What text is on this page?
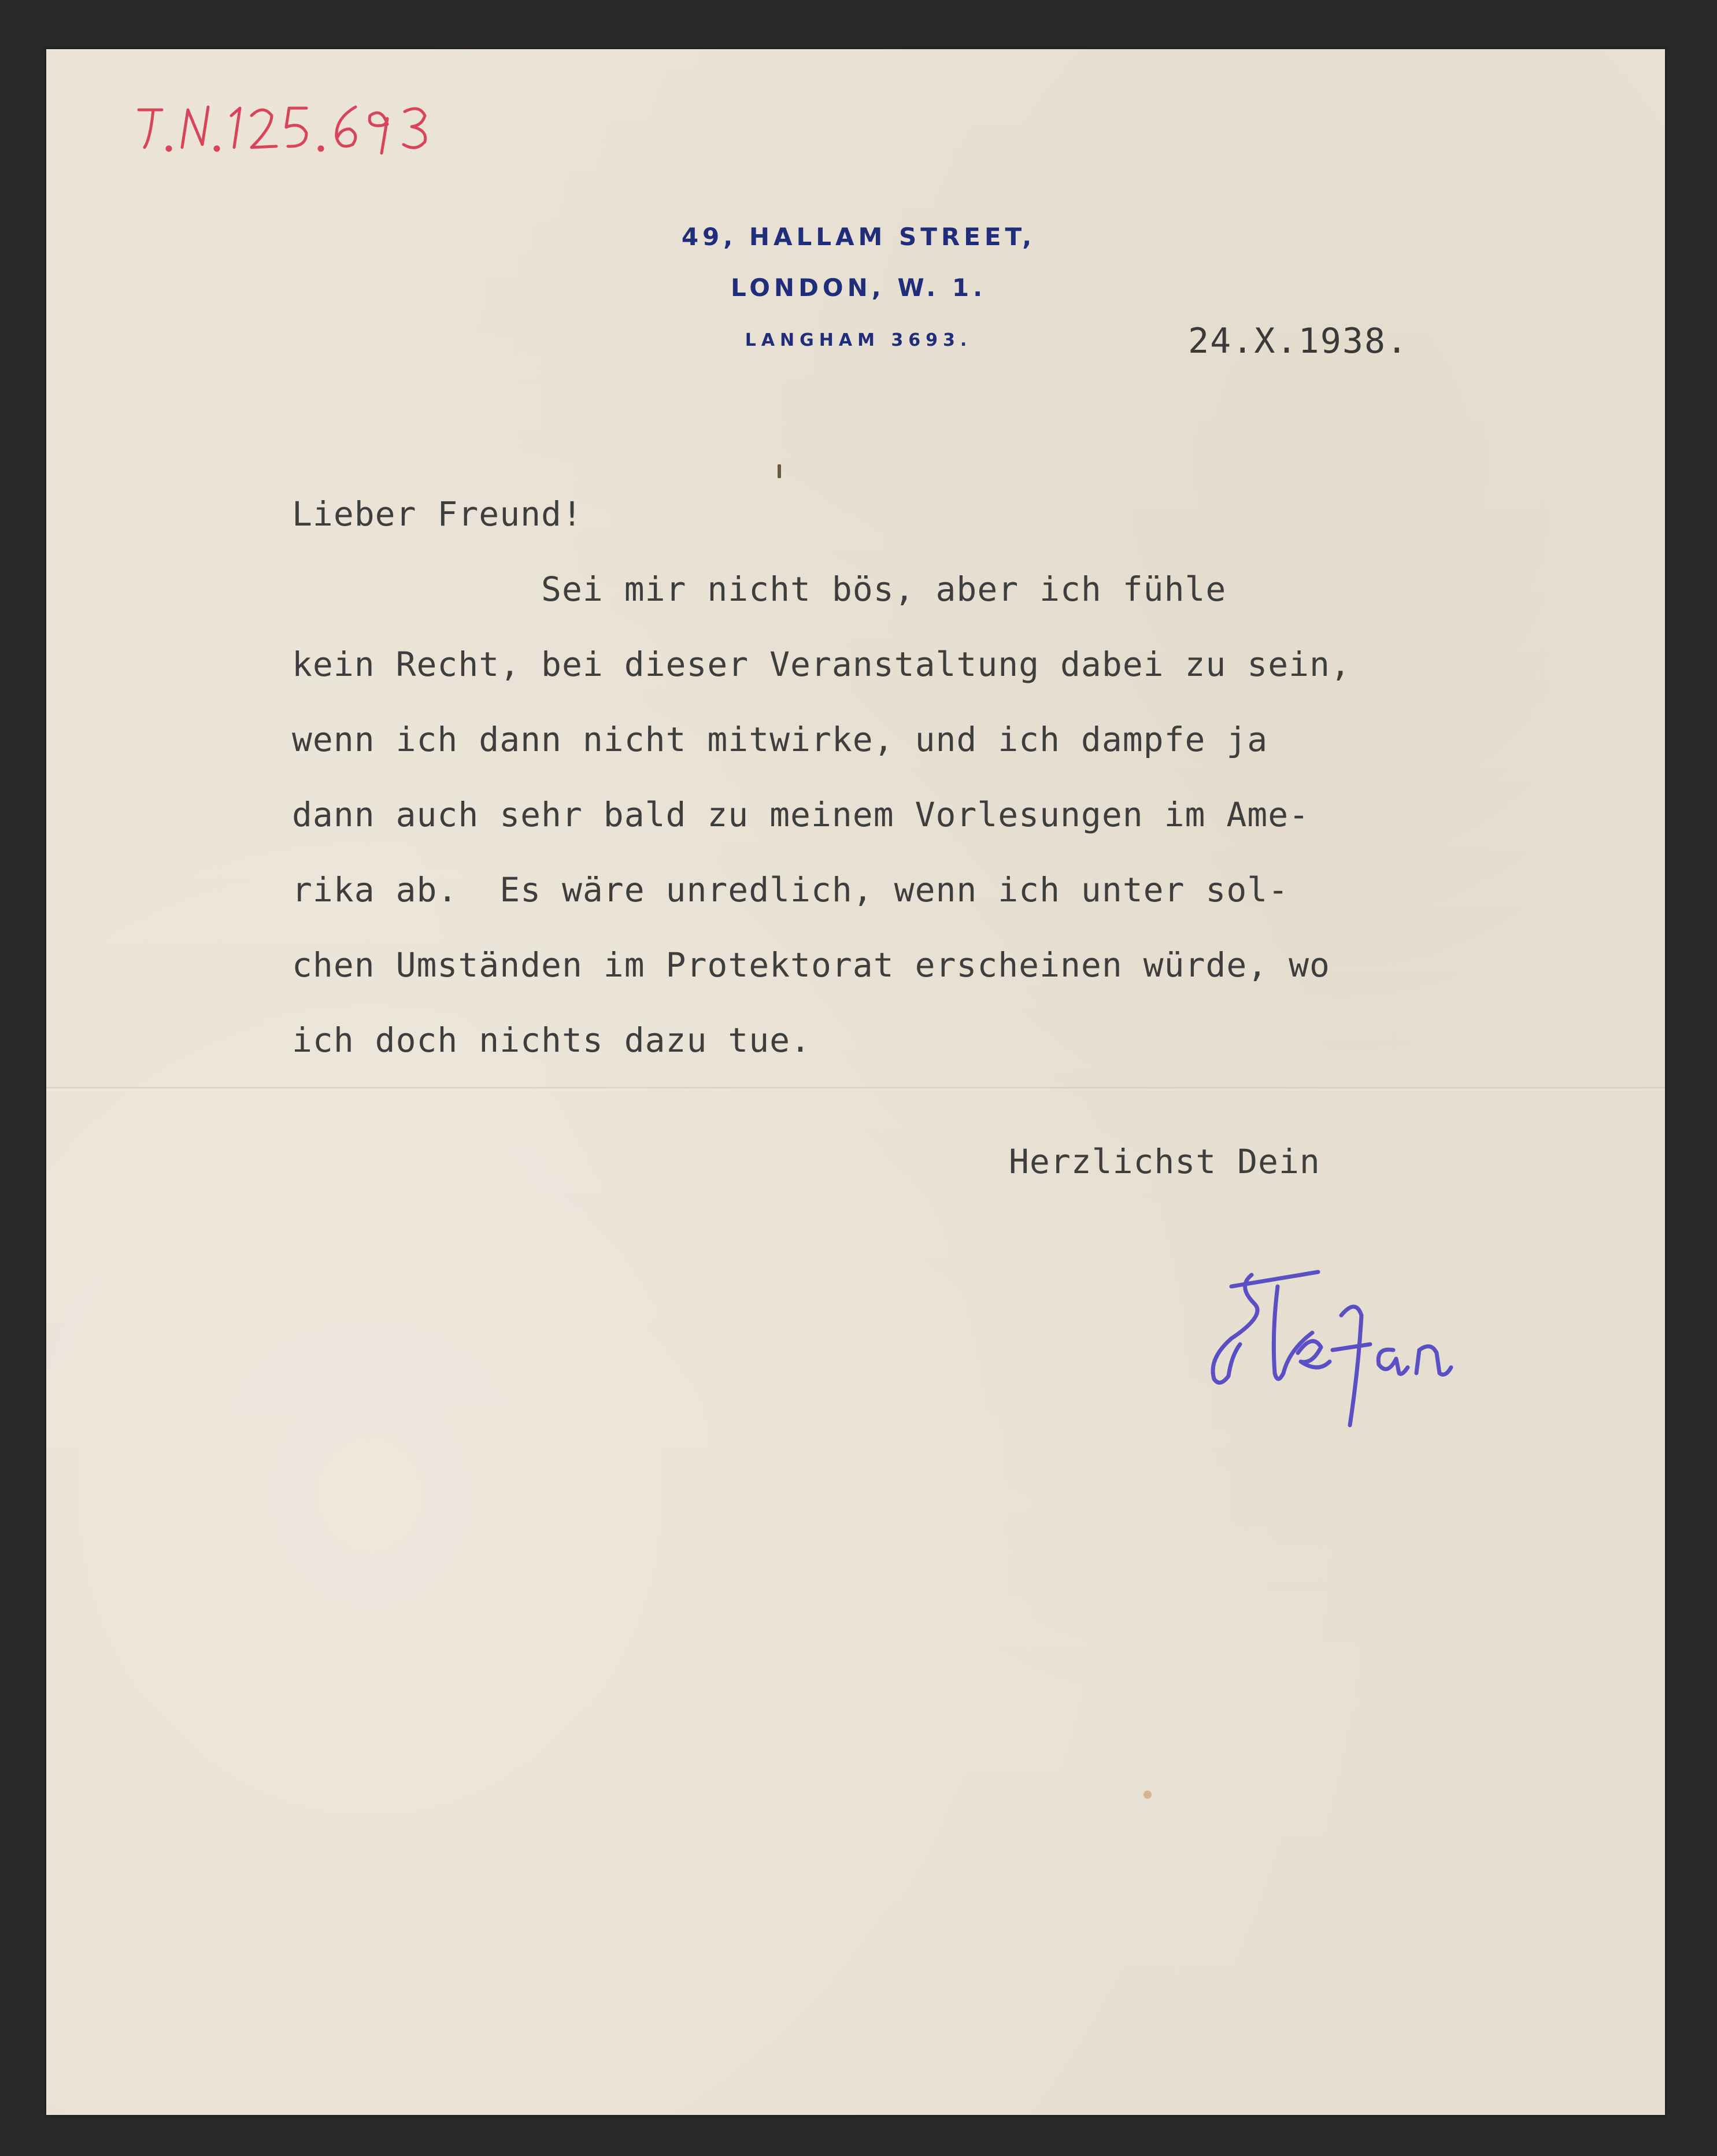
49, HALLAM STREET,
LONDON, W. 1.
LANGHAM 3693.	24.X.1938.
Lieber Freund!
Sei mir nicht bös, aber ich fühle
kein Recht, bei dieser Veranstaltung dabei zu sein,
wenn ich dann nicht mitwirke, und ich dampfe ja
dann auch sehr bald zu meinem Vorlesungen im Ame-
rika ab.  Es wäre unredlich, wenn ich unter sol-
chen Umständen im Protektorat erscheinen würde, wo
ich doch nichts dazu tue.
Herzlichst Dein
